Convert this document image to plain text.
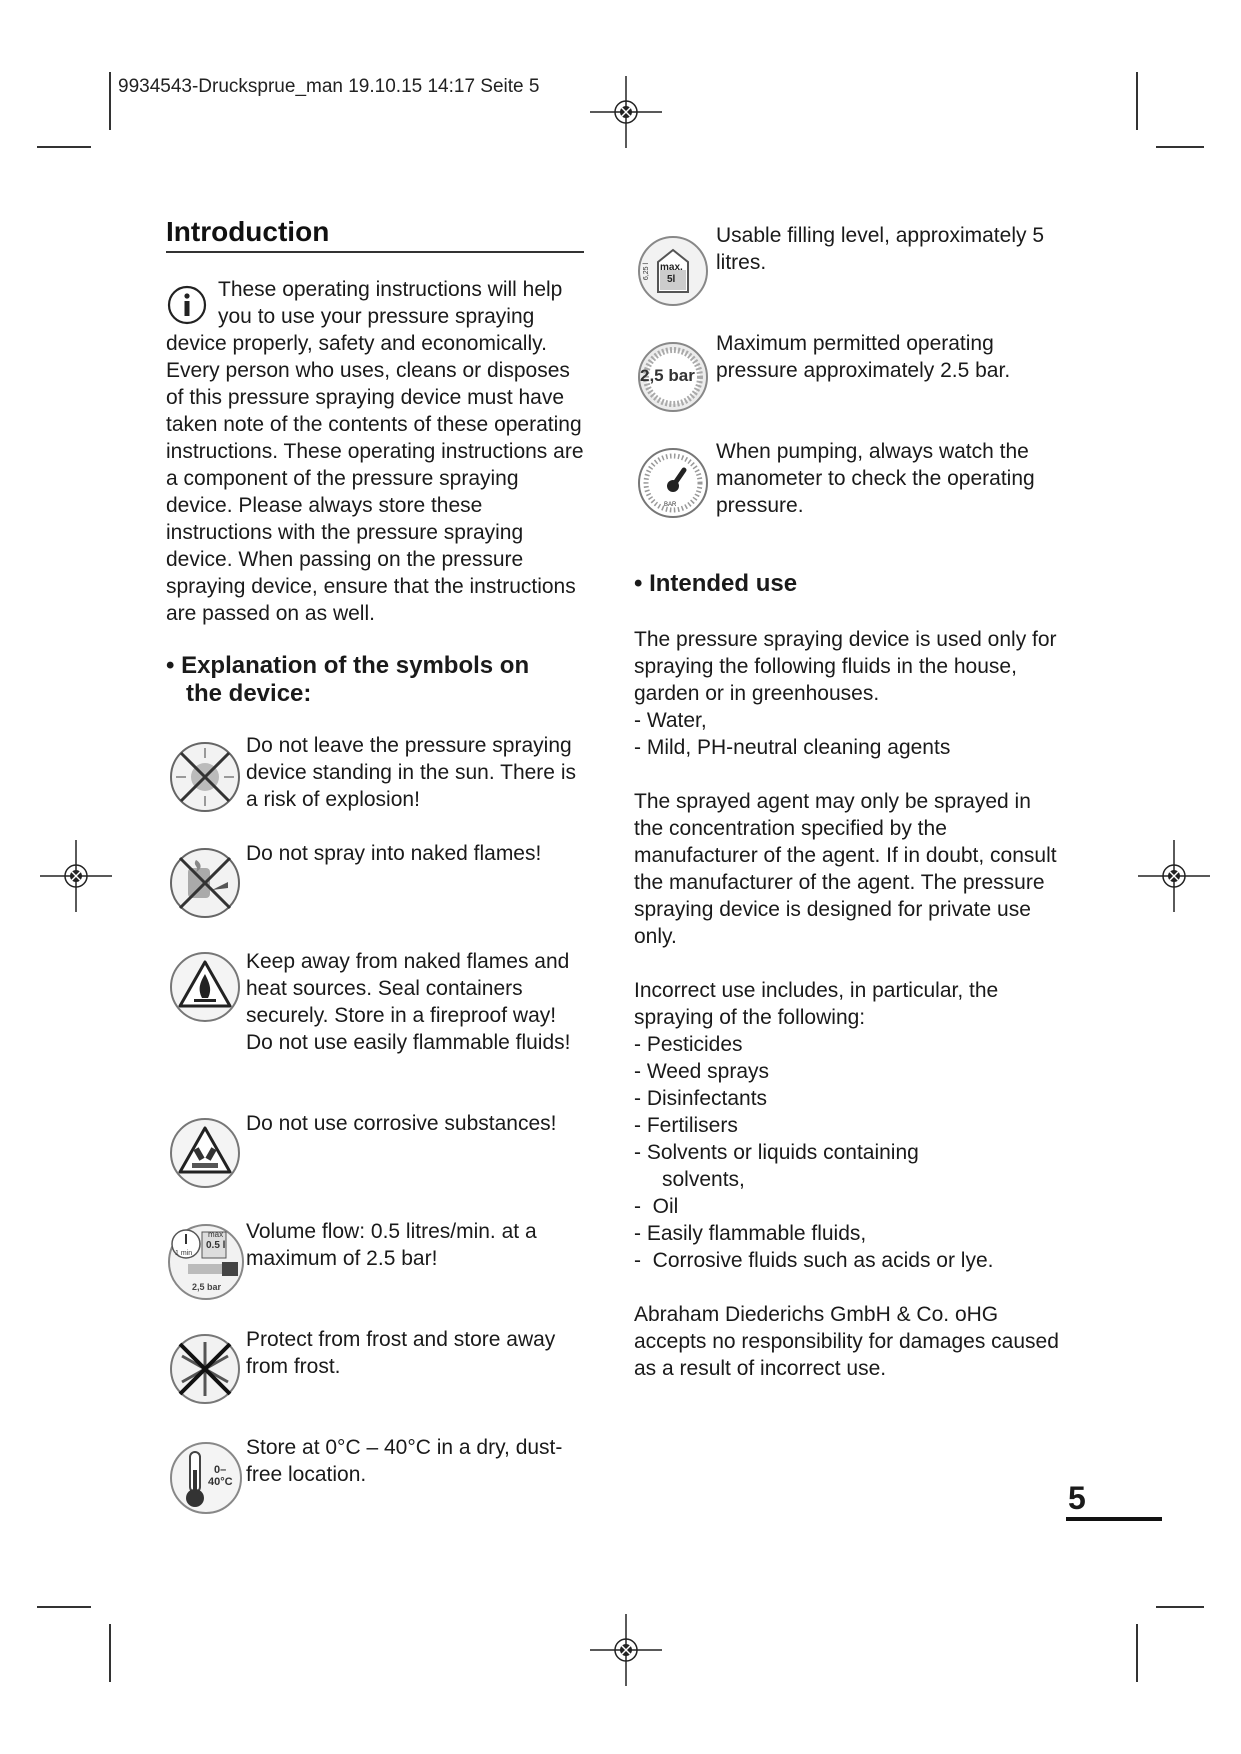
9934543-Druckspruе_man 19.10.15 14:17 Seite 5
Introduction
These operating instructions will help you to use your pressure spraying device properly, safety and economically. Every person who uses, cleans or disposes of this pressure spraying device must have taken note of the contents of these operating instructions. These operating instructions are a component of the pressure spraying device. Please always store these instructions with the pressure spraying device. When passing on the pressure spraying device, ensure that the instructions are passed on as well.
• Explanation of the symbols on
the device:
Do not leave the pressure spraying device standing in the sun. There is a risk of explosion!
Do not spray into naked flames!
Keep away from naked flames and heat sources. Seal containers securely. Store in a fireproof way! Do not use easily flammable fluids!
Do not use corrosive substances!
max
0.5 l
1 min
2,5 bar
Volume flow: 0.5 litres/min. at a maximum of 2.5 bar!
Protect from frost and store away from frost.
0–
40°C
Store at 0°C – 40°C in a dry, dust-free location.
6,25 l max.
5l
Usable filling level, approximately 5 litres.
2,5 bar
Maximum permitted operating pressure approximately 2.5 bar.
BAR
When pumping, always watch the manometer to check the operating pressure.
• Intended use
The pressure spraying device is used only for spraying the following fluids in the house, garden or in greenhouses.
- Water,
- Mild, PH-neutral cleaning agents
The sprayed agent may only be sprayed in the concentration specified by the manufacturer of the agent. If in doubt, consult the manufacturer of the agent. The pressure spraying device is designed for private use only.
Incorrect use includes, in particular, the spraying of the following:
- Pesticides
- Weed sprays
- Disinfectants
- Fertilisers
- Solvents or liquids containing
solvents,
-  Oil
- Easily flammable fluids,
-  Corrosive fluids such as acids or lye.
Abraham Diederichs GmbH & Co. oHG accepts no responsibility for damages caused as a result of incorrect use.
5
